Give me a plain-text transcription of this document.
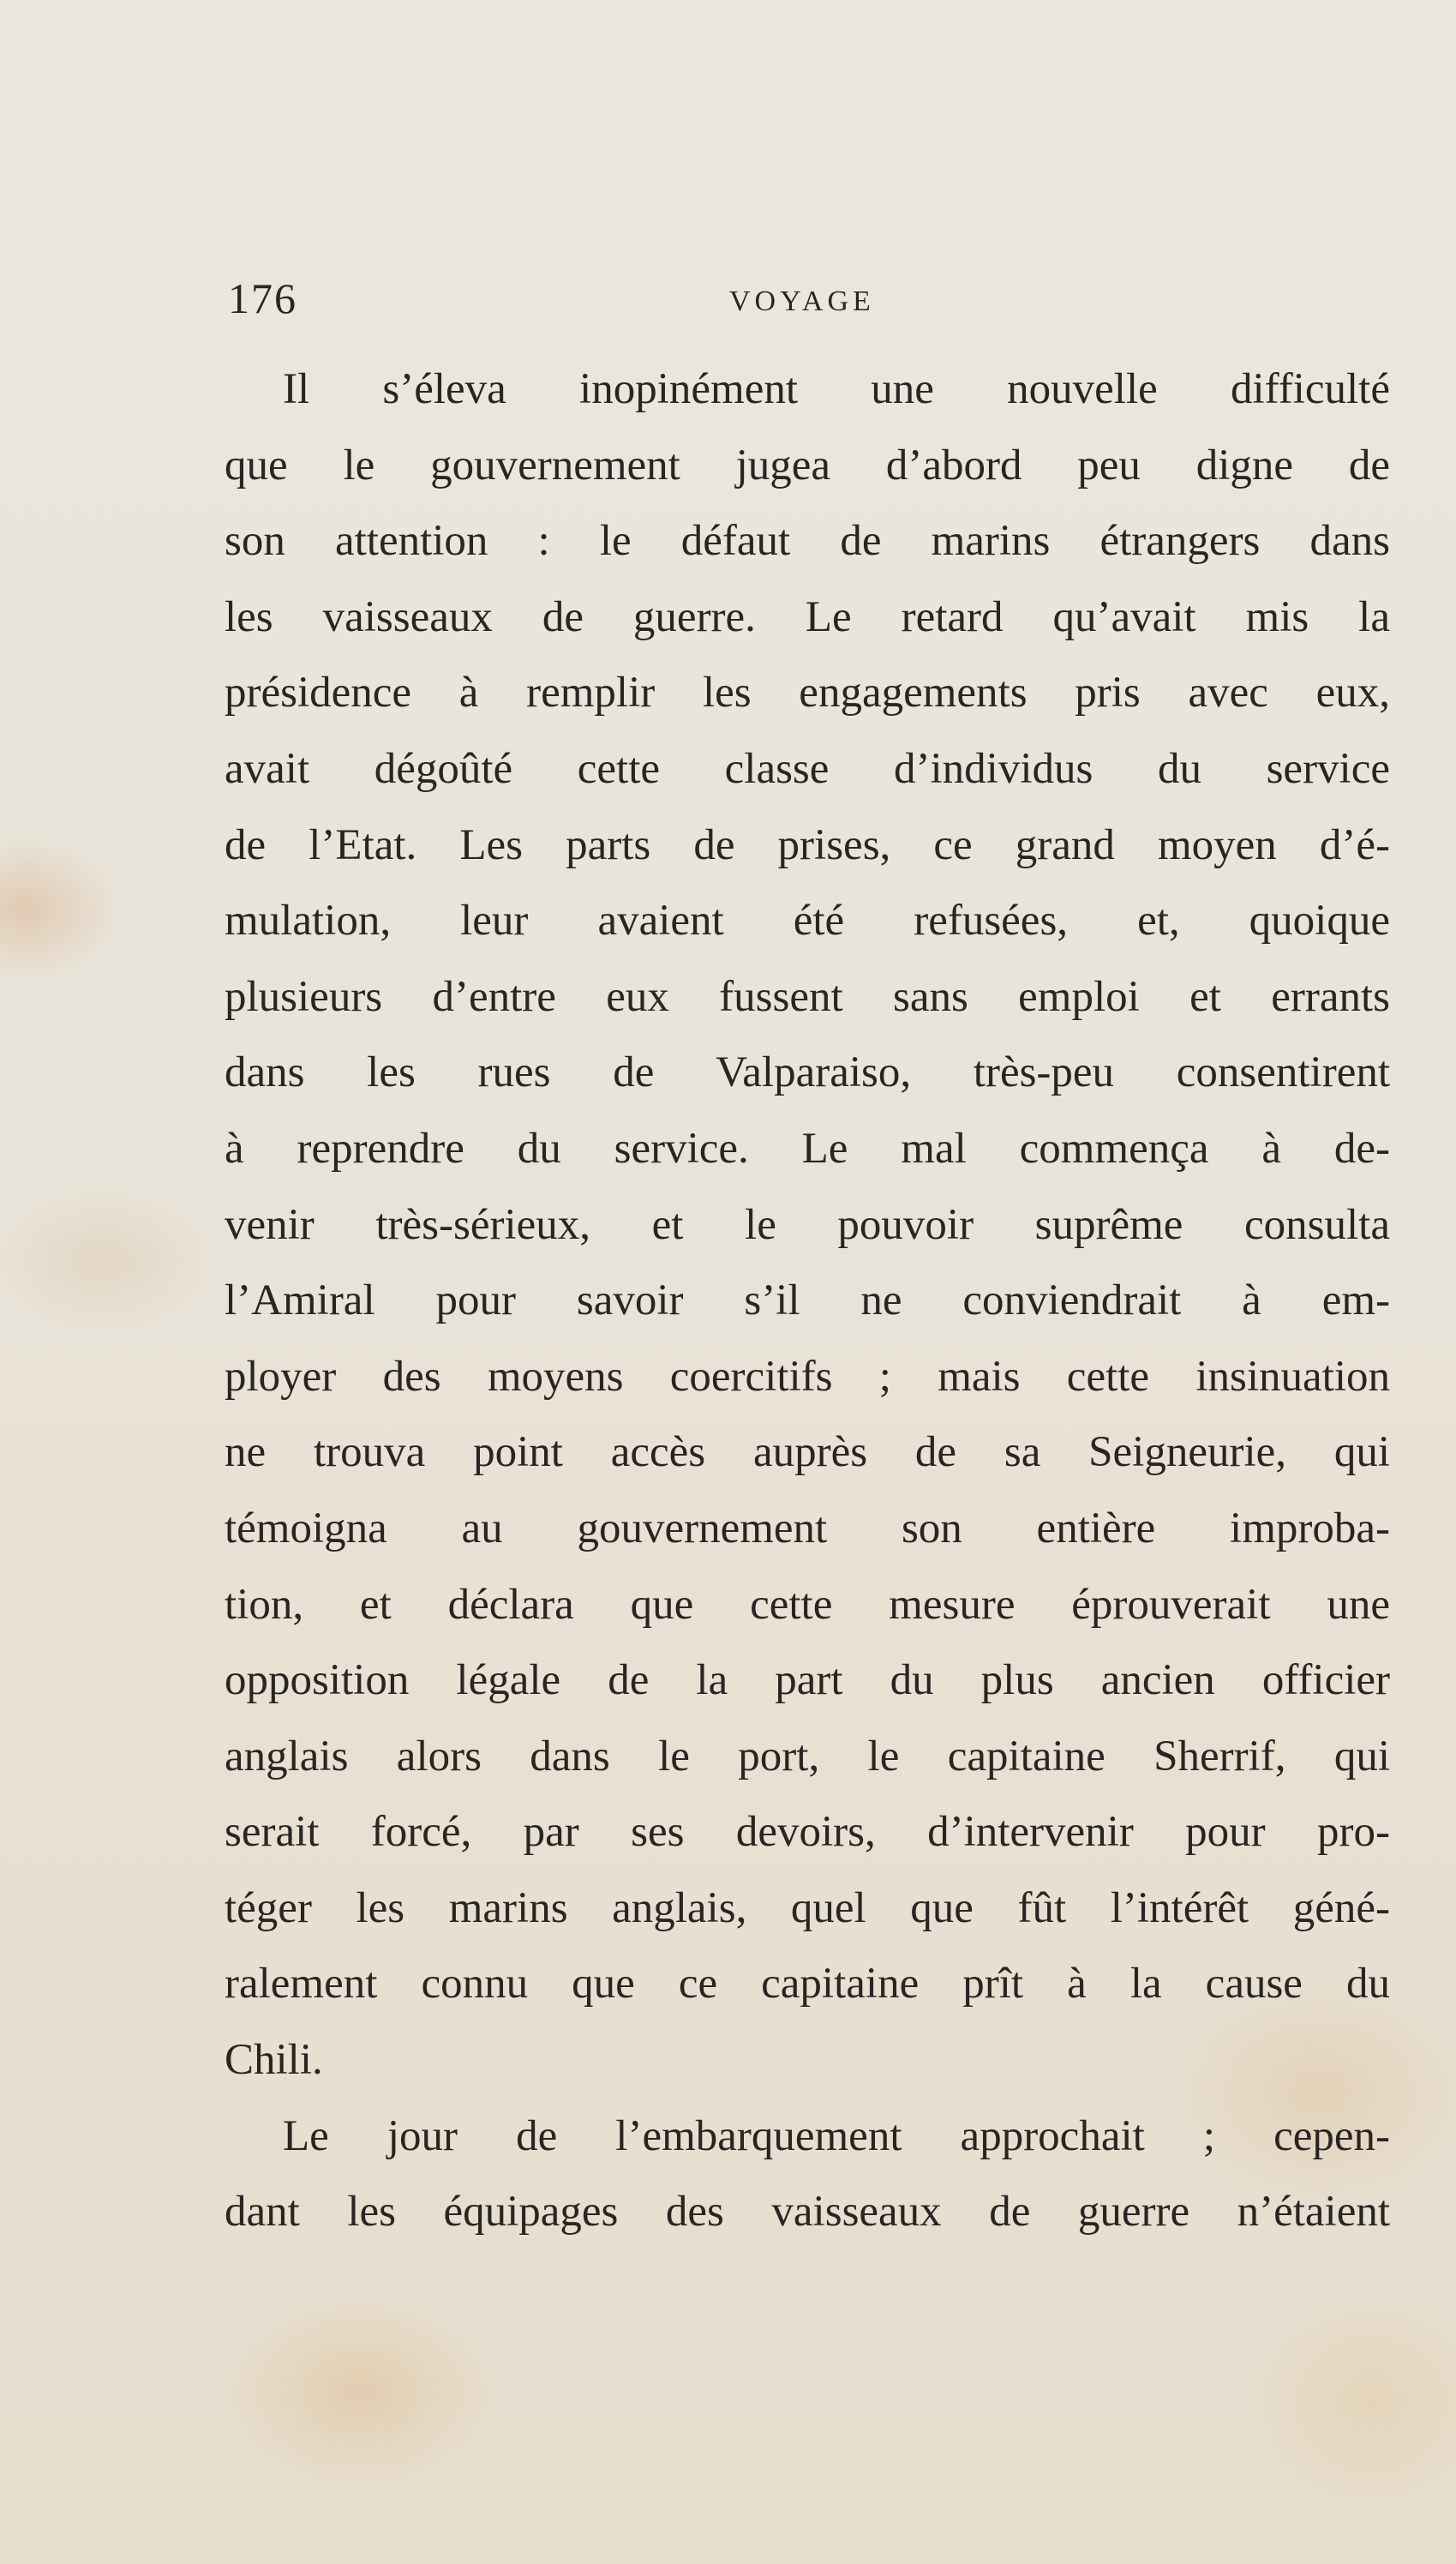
176	VOYAGE

Il s’éleva inopinément une nouvelle difficulté
que le gouvernement jugea d’abord peu digne de
son attention : le défaut de marins étrangers dans
les vaisseaux de guerre. Le retard qu’avait mis la
présidence à remplir les engagements pris avec eux,
avait dégoûté cette classe d’individus du service
de l’Etat. Les parts de prises, ce grand moyen d’é-
mulation, leur avaient été refusées, et, quoique
plusieurs d’entre eux fussent sans emploi et errants
dans les rues de Valparaiso, très-peu consentirent
à reprendre du service. Le mal commença à de-
venir très-sérieux, et le pouvoir suprême consulta
l’Amiral pour savoir s’il ne conviendrait à em-
ployer des moyens coercitifs ; mais cette insinuation
ne trouva point accès auprès de sa Seigneurie, qui
témoigna au gouvernement son entière improba-
tion, et déclara que cette mesure éprouverait une
opposition légale de la part du plus ancien officier
anglais alors dans le port, le capitaine Sherrif, qui
serait forcé, par ses devoirs, d’intervenir pour pro-
téger les marins anglais, quel que fût l’intérêt géné-
ralement connu que ce capitaine prît à la cause du
Chili.

Le jour de l’embarquement approchait ; cepen-
dant les équipages des vaisseaux de guerre n’étaient
